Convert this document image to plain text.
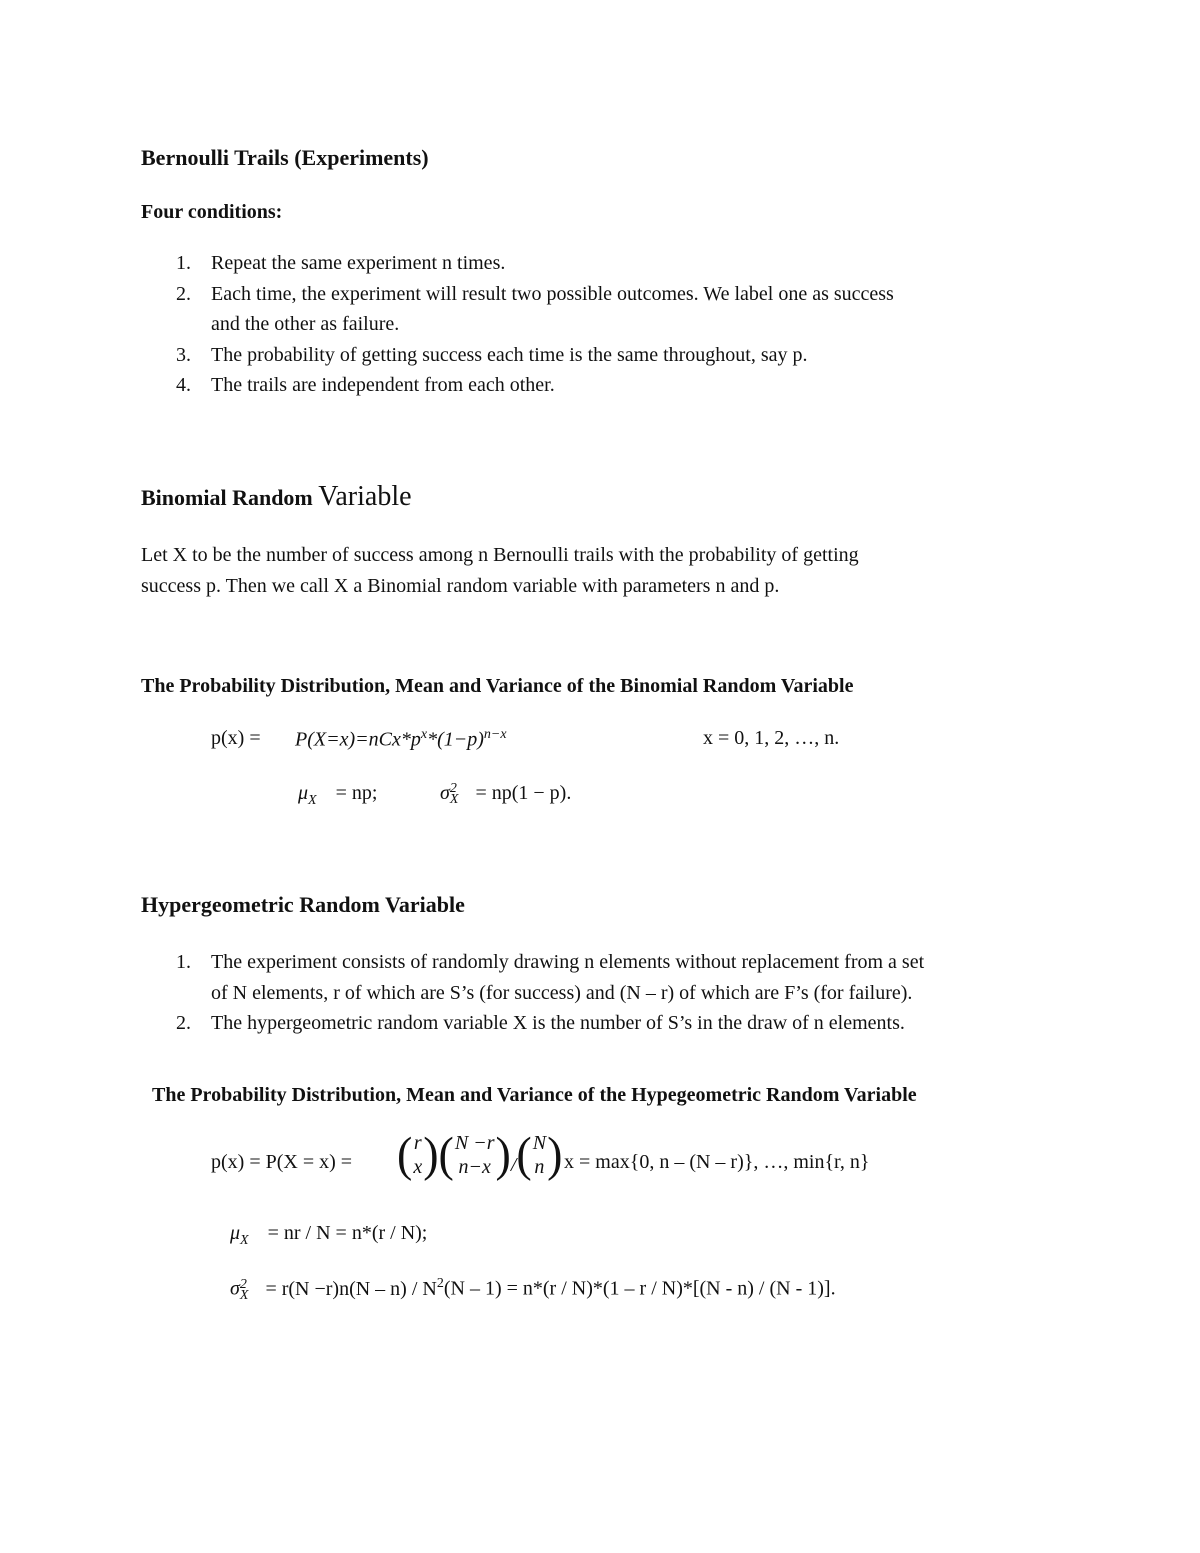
Bernoulli Trails (Experiments)
Four conditions:
1. Repeat the same experiment n times.
2. Each time, the experiment will result two possible outcomes. We label one as success
and the other as failure.
3. The probability of getting success each time is the same throughout, say p.
4. The trails are independent from each other.
Binomial Random Variable
Let X to be the number of success among n Bernoulli trails with the probability of getting
success p. Then we call X a Binomial random variable with parameters n and p.
The Probability Distribution, Mean and Variance of the Binomial Random Variable
$p(x) = P(X=x)=nCx*p^x*(1-p)^{n-x}$	x = 0, 1, 2, …, n.
$\mu_X$ = np;	σ2
X = np(1 − p).
Hypergeometric Random Variable
1. The experiment consists of randomly drawing n elements without replacement from a set
of N elements, r of which are S’s (for success) and (N – r) of which are F’s (for failure).
2. The hypergeometric random variable X is the number of S’s in the draw of n elements.
The Probability Distribution, Mean and Variance of the Hypegeometric Random Variable
p(x) = P(X = x) = ( r
x ) ( N −r
n−x ) / ( N
n ) x = max{0, n – (N – r)}, …, min{r, n}
$\mu_X$ = nr / N = n*(r / N);
σ2
$X = r(N -r)n(N - n) / N^2(N - 1) = n*(r / N)*(1 - r / N)*[(N - n) / (N - 1)]$.
